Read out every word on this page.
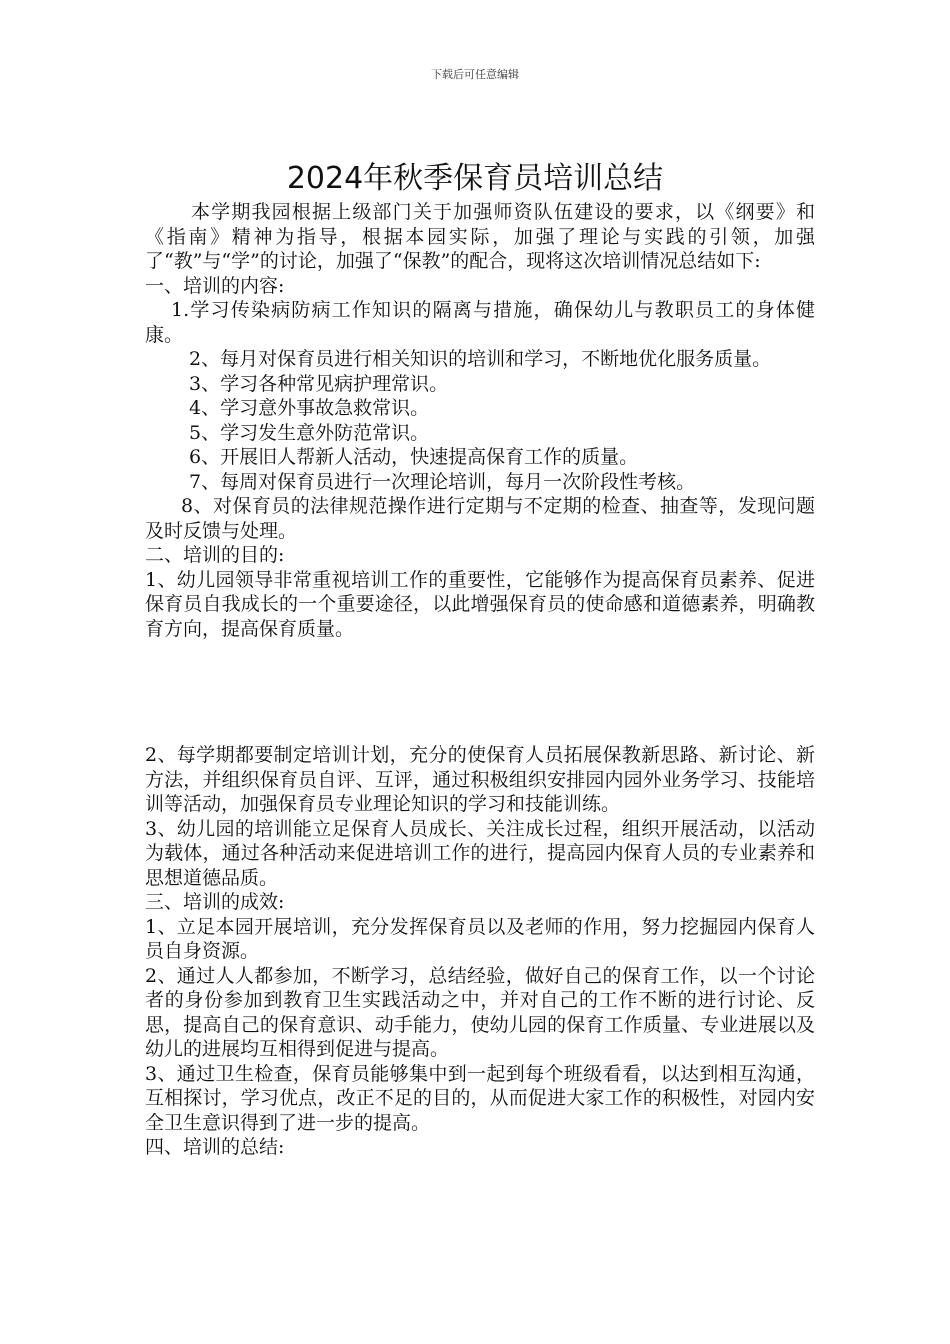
下载后可任意编辑
2024年秋季保育员培训总结

本学期我园根据上级部门关于加强师资队伍建设的要求，以《纲要》和《指南》精神为指导，根据本园实际，加强了理论与实践的引领，加强了“教”与“学”的讨论，加强了“保教”的配合，现将这次培训情况总结如下:

一、培训的内容:

1.学习传染病防病工作知识的隔离与措施，确保幼儿与教职员工的身体健康。

2、每月对保育员进行相关知识的培训和学习，不断地优化服务质量。

3、学习各种常见病护理常识。

4、学习意外事故急救常识。

5、学习发生意外防范常识。

6、开展旧人帮新人活动，快速提高保育工作的质量。

7、每周对保育员进行一次理论培训，每月一次阶段性考核。

8、对保育员的法律规范操作进行定期与不定期的检查、抽查等，发现问题及时反馈与处理。

二、培训的目的:

1、幼儿园领导非常重视培训工作的重要性，它能够作为提高保育员素养、促进保育员自我成长的一个重要途径，以此增强保育员的使命感和道德素养，明确教育方向，提高保育质量。

2、每学期都要制定培训计划，充分的使保育人员拓展保教新思路、新讨论、新方法，并组织保育员自评、互评，通过积极组织安排园内园外业务学习、技能培训等活动，加强保育员专业理论知识的学习和技能训练。

3、幼儿园的培训能立足保育人员成长、关注成长过程，组织开展活动，以活动为载体，通过各种活动来促进培训工作的进行，提高园内保育人员的专业素养和思想道德品质。

三、培训的成效:

1、立足本园开展培训，充分发挥保育员以及老师的作用，努力挖掘园内保育人员自身资源。

2、通过人人都参加，不断学习，总结经验，做好自己的保育工作，以一个讨论者的身份参加到教育卫生实践活动之中，并对自己的工作不断的进行讨论、反思，提高自己的保育意识、动手能力，使幼儿园的保育工作质量、专业进展以及幼儿的进展均互相得到促进与提高。

3、通过卫生检查，保育员能够集中到一起到每个班级看看，以达到相互沟通，互相探讨，学习优点，改正不足的目的，从而促进大家工作的积极性，对园内安全卫生意识得到了进一步的提高。

四、培训的总结:
